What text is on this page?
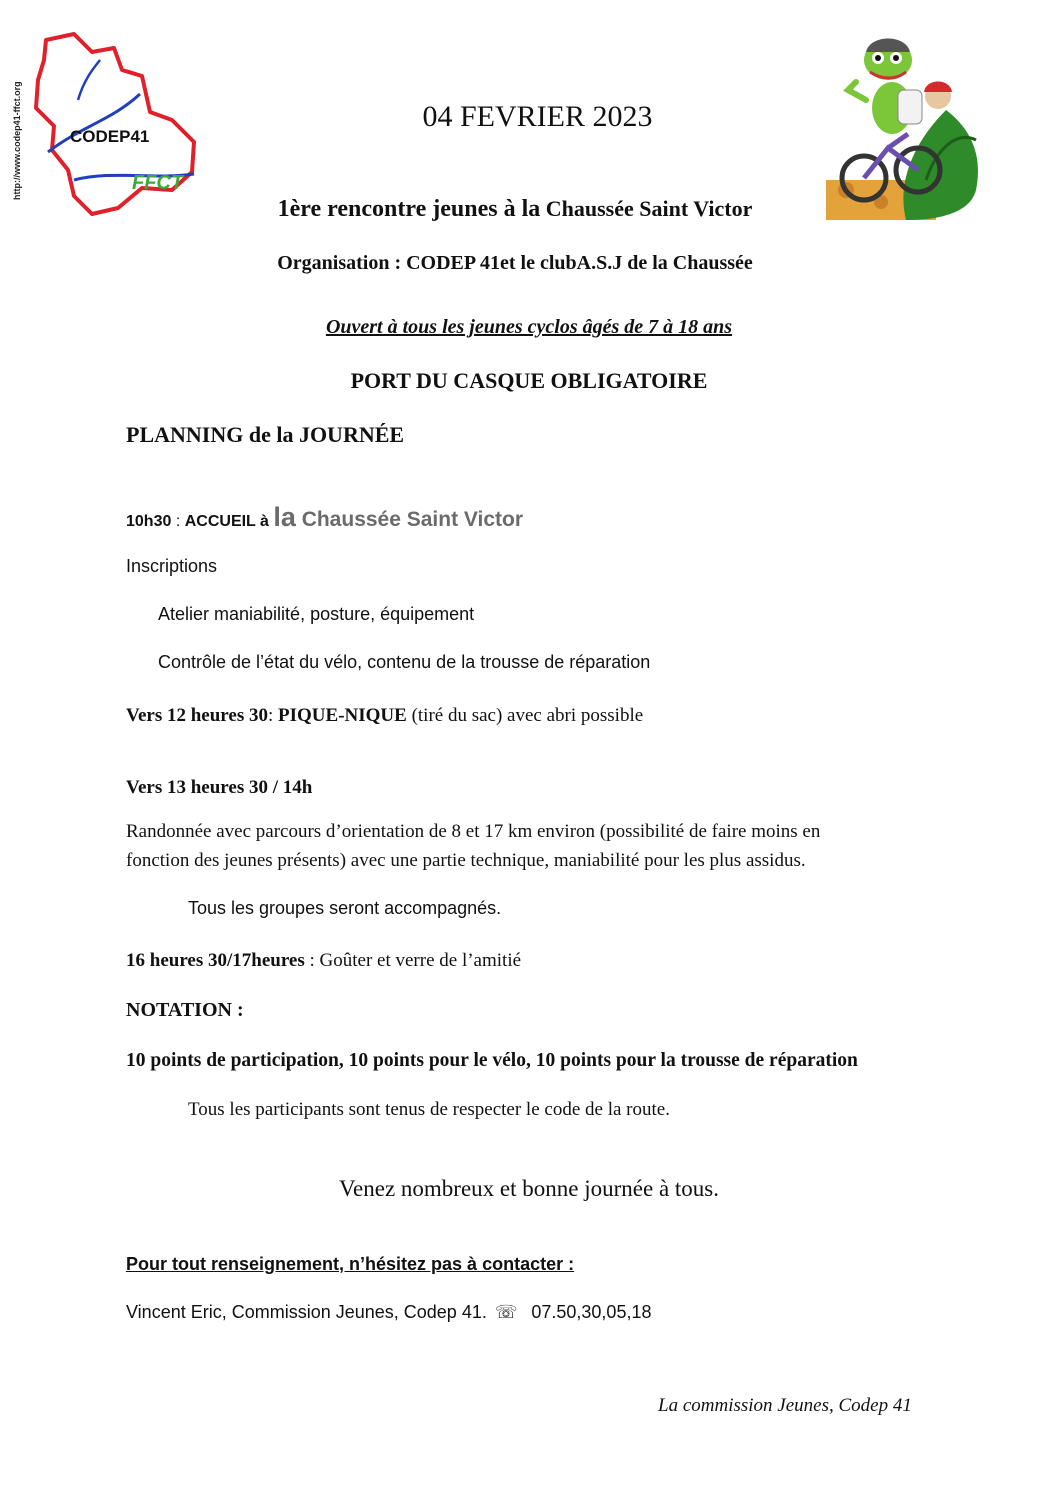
CODEP41
FFCT
http://www.codep41-ffct.org	04 FEVRIER 2023
1ère rencontre jeunes à la Chaussée Saint Victor
Organisation : CODEP 41et le clubA.S.J de la Chaussée
Ouvert à tous les jeunes cyclos âgés de 7 à 18 ans
PORT DU CASQUE OBLIGATOIRE
PLANNING de la JOURNÉE
10h30 : ACCUEIL à la Chaussée Saint Victor
Inscriptions
Atelier maniabilité, posture, équipement
Contrôle de l’état du vélo, contenu de la trousse de réparation
Vers 12 heures 30: PIQUE-NIQUE (tiré du sac) avec abri possible
Vers 13 heures 30 / 14h
Randonnée avec parcours d’orientation de 8 et 17 km environ (possibilité de faire moins en
fonction des jeunes présents) avec une partie technique, maniabilité pour les plus assidus.
Tous les groupes seront accompagnés.
16 heures 30/17heures : Goûter et verre de l’amitié
NOTATION :
10 points de participation, 10 points pour le vélo, 10 points pour la trousse de réparation
Tous les participants sont tenus de respecter le code de la route.
Venez nombreux et bonne journée à tous.
Pour tout renseignement, n’hésitez pas à contacter :
Vincent Eric, Commission Jeunes, Codep 41. ☏ 07.50,30,05,18
La commission Jeunes, Codep 41
